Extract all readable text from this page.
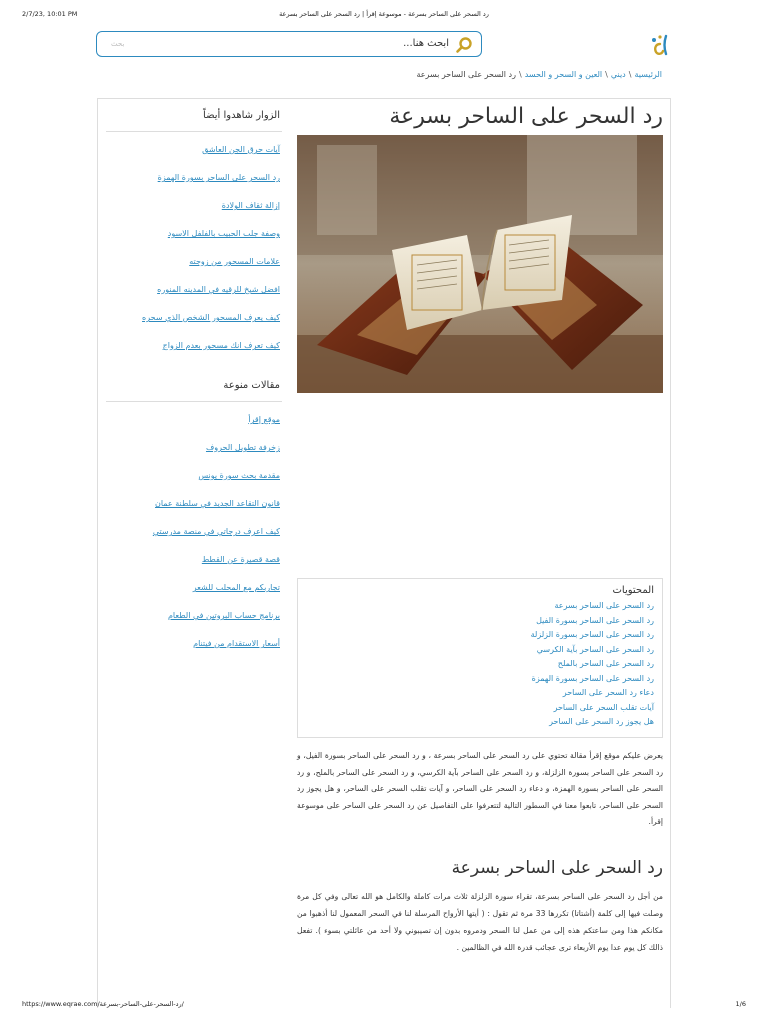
2/7/23, 10:01 PM	رد السحر على الساحر بسرعة - موسوعة إقرأ | رد السحر على الساحر بسرعة
بحث	ابحث هنا...
الرئيسية\ديني\العين و السحر و الحسد\رد السحر على الساحر بسرعة
رد السحر على الساحر بسرعة
الزوار شاهدوا أيضاً
آيات حرق الجن العاشق
رد السحر على الساحر بسورة الهمزة
إزالة ثقاف الولادة
وصفة جلب الحبيب بالفلفل الاسود
علامات المسحور من زوجته
افضل شيخ للرقيه في المدينه المنوره
كيف يعرف المسحور الشخص الذي سحره
كيف تعرف انك مسحور بعدم الزواج
مقالات منوعة
موقع إقرأ
زخرفة تطويل الحروف
مقدمة بحث سورة يونس
قانون التقاعد الجديد في سلطنة عمان
كيف اعرف درجاتي في منصة مدرستي
قصة قصيرة عن القطط
تجاربكم مع المحلب للشعر
برنامج حساب البروتين في الطعام
أسعار الاستقدام من فيتنام
المحتويات
رد السحر على الساحر بسرعة
رد السحر على الساحر بسورة الفيل
رد السحر على الساحر بسورة الزلزلة
رد السحر على الساحر بآية الكرسي
رد السحر على الساحر بالملح
رد السحر على الساحر بسورة الهمزة
دعاء رد السحر على الساحر
آيات تقلب السحر على الساحر
هل يجوز رد السحر على الساحر

يعرض عليكم موقع إقرأ مقالة تحتوي على رد السحر على الساحر بسرعة ، و رد السحر على الساحر بسورة الفيل، و رد السحر على الساحر بسورة الزلزلة، و رد السحر على الساحر بآية الكرسي، و رد السحر على الساحر بالملح، و رد السحر على الساحر بسورة الهمزة، و دعاء رد السحر على الساحر، و آيات تقلب السحر على الساحر، و هل يجوز رد السحر على الساحر، تابعوا معنا في السطور التالية لتتعرفوا على التفاصيل عن رد السحر على الساحر على موسوعة إقرأ.

رد السحر على الساحر بسرعة

من أجل رد السحر على الساحر بسرعة، تقراء سورة الزلزلة ثلاث مرات كاملة والكامل هو الله تعالى وفي كل مرة وصلت فيها إلى كلمة (أشتاتا) تكررها 33 مرة ثم تقول : ( أيتها الأرواح المرسلة لنا في السحر المعمول لنا أذهبوا من مكانكم هذا ومن ساعتكم هذه إلى من عمل لنا السحر ودمروه بدون إن تصيبوني ولا أحد من عائلتي بسوء ). تفعل ذالك كل يوم عدا يوم الأربعاء ترى عجائب قدرة الله في الظالمين .

https://www.eqrae.com/رد-السحر-على-الساحر-بسرعة/	1/6
